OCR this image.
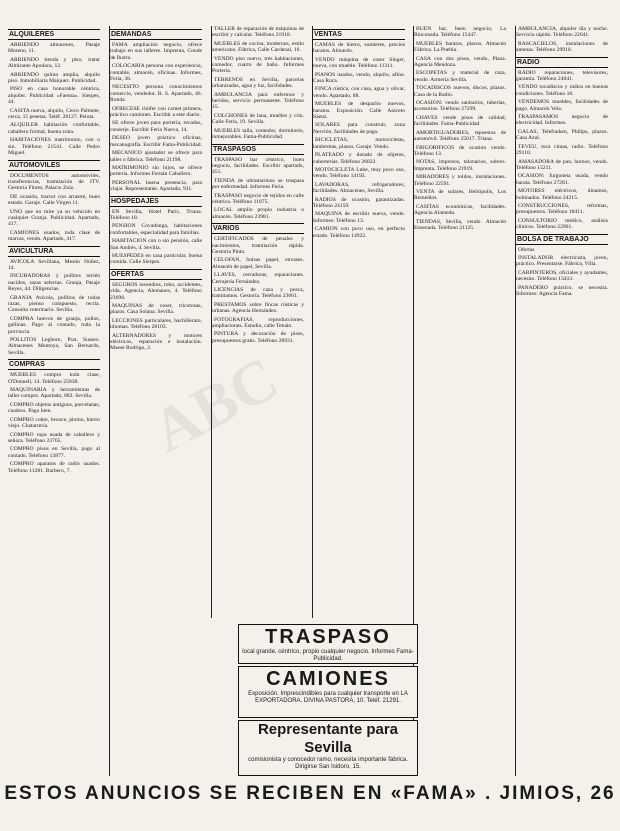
ALQUILERES
ARRIENDO almacenes, Pasaje Moreno, 11.
ARRIENDO tienda y piso, tratar Almirante Apodaca, 12.
ARRIENDO quinta amplia, alquilo piso. Inmobiliaria Maíquez. Publicidad.
PISO en casa honorable céntrica, alquiler. Publicidad «Faema». Sierpes, 44.
CASITA nueva, alquilo, Cerro Palmete, cerca, 15 pesetas. Teléf. 28127. Pelota.
ALQUILER habitación confortable, caballero formal, buena zona.
HABITACIONES matrimonio, con o sin. Teléfono 21541. Calle Pedro Miguel.
AUTOMOVILES
DOCUMENTOS automóviles, transferencias, tramitación de ITV. Gestoría Flores, Palacio Zuiz.
DE ocasión, tractor con arrastre, buen estado. Garaje. Calle Virgen 11.
UNO que no mire ya su vehículo en cualquier Granja. Publicidad. Apartado, 417.
CAMIONES usados, toda clase de marcas, vendo. Apartado, 417.
AVICULTURA
AVICOLA Sevillana, Mesón Núñez, 14.
INCUBADORAS y pollitos recién nacidos, razas selectas. Granja, Pasaje Reyes, 44. Diligencias.
GRANJA Avícola, pollitos de todas razas, pienso compuesto, recría. Consulta veterinario. Sevilla.
COMPRA huevos de granja, pollos, gallinas. Pago al contado, toda la provincia.
POLLITOS Leghorn, Prat, Sussex. Almacenes Montoya, San Bernardo, Sevilla.
COMPRAS
MUEBLES compro toda clase, O'Donnell, 14. Teléfono 25838.
MAQUINARIA y herramientas de taller compro. Apartado, 883. Sevilla.
COMPRO objetos antiguos, porcelanas, cuadros. Pago bien.
COMPRO cobre, bronce, plomo, hierro viejo. Chatarrería.
COMPRO ropa usada de caballero y señora. Teléfono 23765.
COMPRO pisos en Sevilla, pago al contado. Teléfono 13877.
COMPRO aparatos de radio usados. Teléfono 11281. Barbero, 7.
DEMANDAS
FAMA ampliación negocio, ofrece trabajo en sus talleres. Imprenta, Conde de Ibarra.
COLOCARIA persona con experiencia, contable, almacén, oficinas. Informes, Feria, 38.
NECESITO persona conocimientos comercio, vendedor. R. S. Apartado, 46. Ronda.
OFRECESE chófer con carnet primera, práctico camiones. Escribir a este diario.
SE ofrece joven para portería, recados, conserje. Escribir Feria Nueva, 14.
DESEO joven práctico oficinas, mecanografía. Escribir Fama-Publicidad.
MECANICO ajustador se ofrece para taller o fábrica. Teléfono 21198.
MATRIMONIO sin hijos, se ofrece portería. Informes Fernán Caballero.
PERSONAL buena presencia, para viajar. Representante. Apartado, 911.
HOSPEDAJES
EN Sevilla, Hotel París, Triana. Teléfono 18.
PENSION Covadonga, habitaciones confortables, especialidad para familias.
HABITACION con o sin pensión, calle San Andrés, 4. Sevilla.
HUESPEDES en casa particular, buena comida. Calle Sierpes.
OFERTAS
SEGUROS incendios, robo, accidentes, vida. Agencia, Alemanes, 4. Teléfono 23698.
MAQUINAS de coser, tricotosas, plazos. Casa Solana. Sevilla.
LECCIONES particulares, bachillerato, idiomas. Teléfono 28103.
ALTERNADORES y motores eléctricos, reparación e instalación. Maese Rodrigo, 2.
TALLER de reparación de máquinas de escribir y calcular. Teléfono 21918.
MUEBLES de cocina, modernos, estilo americano. Fábrica, Calle Cardenal, 16.
VENDO piso nuevo, tres habitaciones, comedor, cuarto de baño. Informes Portería.
TERRENOS en Sevilla, parcelas urbanizadas, agua y luz, facilidades.
AMBULANCIA para enfermos y heridos, servicio permanente. Teléfono 15.
COLCHONES de lana, muelles y crin. Calle Feria, 19. Sevilla.
MUEBLES talla, comedor, dormitorio, inmejorables. Fama-Publicidad.
TRASPASOS
TRASPASO bar céntrico, buen negocio, facilidades. Escribir apartado, 451.
TIENDA de ultramarinos se traspasa por enfermedad. Informes Feria.
TRASPASO negocio de tejidos en calle céntrica. Teléfono 11875.
LOCAL amplio propio industria o almacén. Teléfono 23981.
VARIOS
CERTIFICADOS de penales y nacimientos, tramitación rápida. Gestoría Pinto.
CELOFAN, bolsas papel, envases. Almacén de papel, Sevilla.
LLAVES, cerraduras, reparaciones. Cerrajería Fernández.
LICENCIAS de caza y pesca, tramitamos. Gestoría. Teléfono 23661.
PRESTAMOS sobre fincas rústicas y urbanas. Agencia Hernández.
FOTOGRAFIAS, reproducciones, ampliaciones. Estudio, calle Tetuán.
PINTURA y decoración de pisos, presupuestos gratis. Teléfono 28931.
VENTAS
CAMAS de hierro, somieres, precios baratos. Almacén.
VENDO máquina de coser Singer, nueva, con mueble. Teléfono 11311.
PIANOS usados, vendo, alquilo, afino. Casa Roca.
FINCA rústica, con casa, agua y olivar, vendo. Apartado, 88.
MUEBLES de despacho nuevos, baratos. Exposición. Calle Aniceto Sáenz.
SOLARES para construir, zona Nervión, facilidades de pago.
BICICLETAS, motocicletas, lambrettas, plazos. Garaje. Vendo.
PLATEADO y dorado de objetos, cuberterías. Teléfono 26822.
MOTOCICLETA Lube, muy poco uso, vendo. Teléfono 14192.
LAVADORAS, refrigeradores, facilidades. Almacenes, Sevilla.
RADIOS de ocasión, garantizadas. Teléfono 24159.
MAQUINA de escribir nueva, vendo. Informes: Teléfono 13.
CAMION con poco uso, en perfecto estado. Teléfono 14922.
BUEN bar, buen negocio, La Rinconada. Teléfono 15447.
MUEBLES baratos, plazos. Almacén Fábrica. La Puebla.
CASA con dos pisos, vendo, Plaza. Agencia Mendoza.
ESCOPETAS y material de caza, vendo. Armería Sevilla.
TOCADISCOS nuevos, discos, plazos. Casa de la Radio.
OCASION: vendo sanitarios, tuberías, accesorios. Teléfono 27299.
CHAVES vende pisos de calidad, facilidades. Fama-Publicidad.
AMORTIGUADORES, repuestos de automóvil. Teléfono 25017. Triana.
FRIGORIFICOS de ocasión vendo. Teléfono 13.
NOTAS, impresos, talonarios, sobres. Imprenta. Teléfono 21919.
MIRADORES y toldos, instalaciones. Teléfono 22591.
VENTA de solares, Heliópolis, Los Remedios.
CASITAS económicas, facilidades. Agencia Alameda.
TIENDAS, Sevilla, vendo. Almacén Ensenada. Teléfono 21125.
AMBULANCIA, alquiler día y noche. Servicio rápido. Teléfono 22641.
RASCACIELOS, instalaciones de antenas. Teléfono 29910.
RADIO
RADIO reparaciones, televisores, garantía. Teléfono 24041.
VENDO tocadiscos y radios en buenas condiciones. Teléfono 18.
VENDEMOS muebles, facilidades de pago. Almacén Vela.
TRASPASAMOS negocio de electricidad. Informes.
GALAS, Telefunken, Philips, plazos. Casa Azul.
TEVEU, toca cintas, radio. Teléfono 29110.
AMASADORA de pan, hornos, vendo. Teléfono 15211.
OCASION: furgoneta usada, vendo barata. Teléfono 27281.
MOTORES eléctricos, dinamos, bobinados. Teléfono 24215.
CONSTRUCCIONES, reformas, presupuestos. Teléfono 18411.
CONSULTORIO médico, análisis clínicos. Teléfono 22901.
BOLSA DE TRABAJO
Ofertas
INSTALADOR electricista, joven, práctico. Presentarse. Fábrica, Villa.
CARPINTEROS, oficiales y ayudantes, necesito. Teléfono 13413.
PANADERO práctico, se necesita. Informes: Agencia Fama.
TRASPASO
local grande, céntrico, propio cualquier negocio. Informes Fama-Publicidad.
CAMIONES
Exposición. Imprescindibles para cualquier transporte en LA EXPORTADORA. DIVINA PASTORA, 10. Teléf. 21291.
Representante para Sevilla
comisionista y conocedor ramo, necesita importante fábrica. Dirigirse San Isidoro, 15.
ABC
ESTOS ANUNCIOS SE RECIBEN EN «FAMA» . JIMIOS, 26
